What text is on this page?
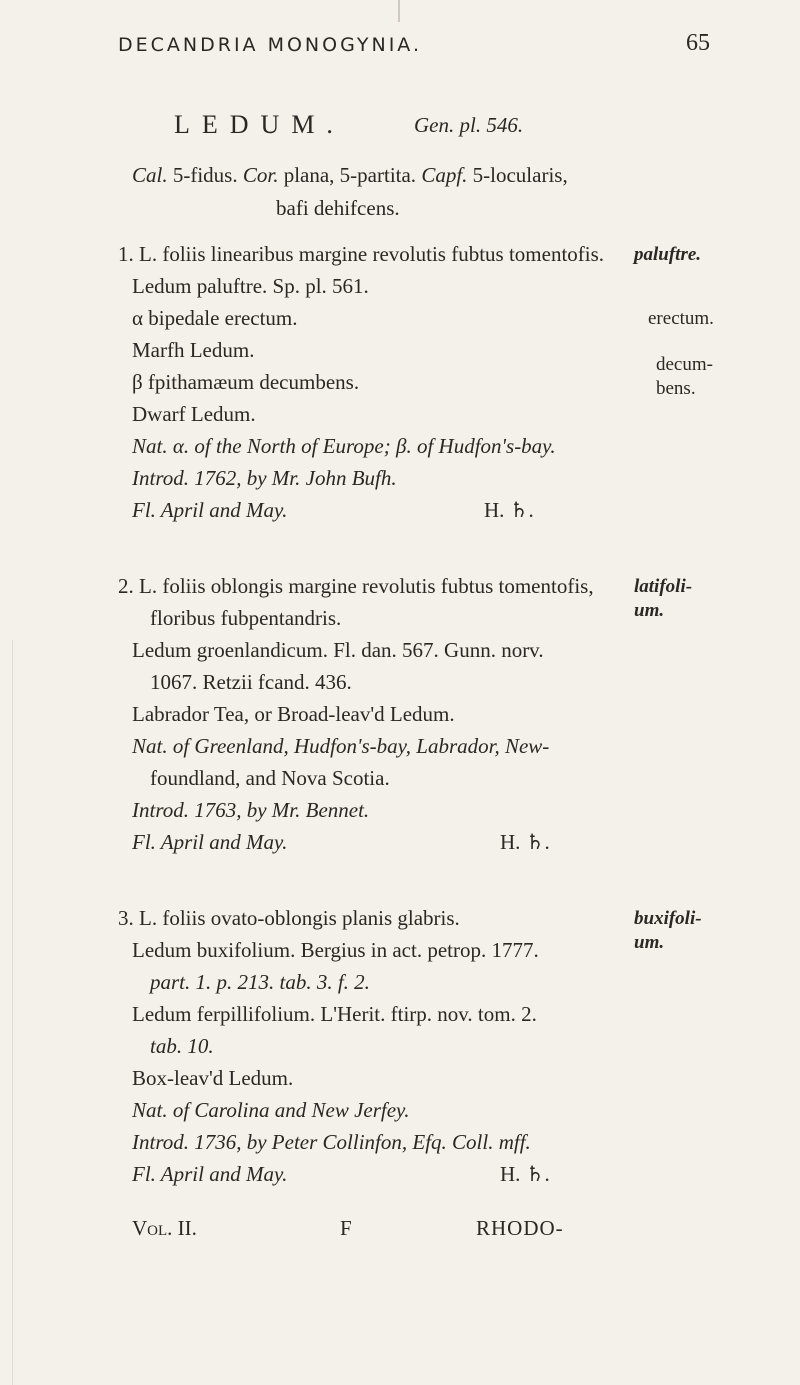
DECANDRIA MONOGYNIA.	65
LEDUM.	Gen. pl. 546.
Cal. 5-fidus. Cor. plana, 5-partita. Capf. 5-locularis,
bafi dehifcens.
1. L. foliis linearibus margine revolutis fubtus tomentofis.
Ledum paluftre. Sp. pl. 561.
α bipedale erectum.
Marfh Ledum.
β fpithamæum decumbens.
Dwarf Ledum.
Nat. α. of the North of Europe; β. of Hudfon's-bay.
Introd. 1762, by Mr. John Bufh.
Fl. April and May.	H. ♄.
paluftre.
erectum.
decum-
bens.
2. L. foliis oblongis margine revolutis fubtus tomentofis,
floribus fubpentandris.
Ledum groenlandicum. Fl. dan. 567. Gunn. norv.
1067. Retzii fcand. 436.
Labrador Tea, or Broad-leav'd Ledum.
Nat. of Greenland, Hudfon's-bay, Labrador, New-
foundland, and Nova Scotia.
Introd. 1763, by Mr. Bennet.
Fl. April and May.	H. ♄.
latifoli-
um.
3. L. foliis ovato-oblongis planis glabris.
Ledum buxifolium. Bergius in act. petrop. 1777.
part. 1. p. 213. tab. 3. f. 2.
Ledum ferpillifolium. L'Herit. ftirp. nov. tom. 2.
tab. 10.
Box-leav'd Ledum.
Nat. of Carolina and New Jerfey.
Introd. 1736, by Peter Collinfon, Efq. Coll. mff.
Fl. April and May.	H. ♄.
buxifoli-
um.
Vol. II.	F	RHODO-
